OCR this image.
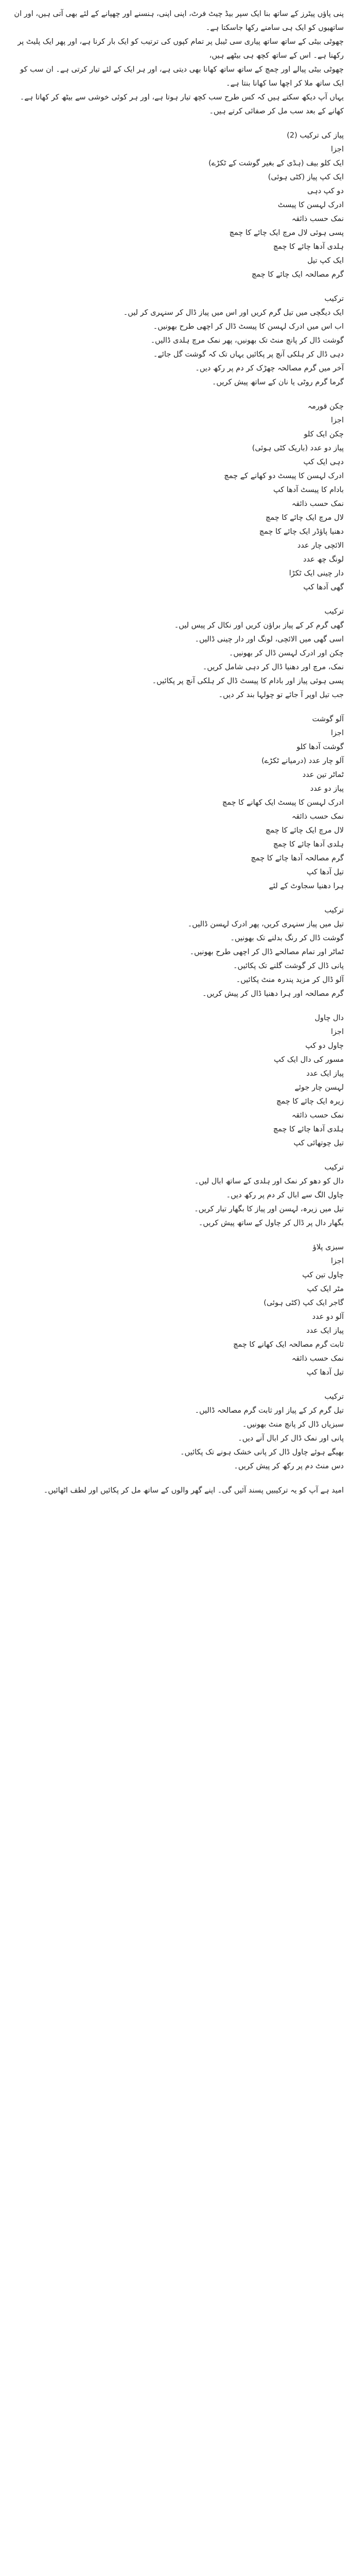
پنی پاؤں پیٹرز کے ساتھ بنا ایک سپر بیڈ چیٹ فرٹ، اپنی اپنی، ہنسنے اور چھپانے کے لئے بھی آتی ہیں، اور ان ساتھیوں کو ایک ہی سامنے رکھا جاسکتا ہے۔

چھوٹی بیٹی کے ساتھ ساتھ پیاری سی ٹیبل پر تمام کپوں کی ترتیب کو ایک بار کرنا ہے، اور پھر ایک پلیٹ پر رکھنا ہے۔ اس کے ساتھ کچھ ہی بیٹھے ہیں،

چھوٹی بیٹی پیالے اور چمچ کے ساتھ ساتھ کھانا بھی دیتی ہے، اور ہر ایک کے لئے تیار کرتی ہے۔ ان سب کو ایک ساتھ ملا کر اچھا سا کھانا بنتا ہے۔

یہاں آپ دیکھ سکتے ہیں کہ کس طرح سب کچھ تیار ہوتا ہے، اور ہر کوئی خوشی سے بیٹھ کر کھاتا ہے۔ کھانے کے بعد سب مل کر صفائی کرتے ہیں۔

پیاز کی ترکیب (2)

اجزا

ایک کلو بیف (ہڈی کے بغیر گوشت کے ٹکڑے)

ایک کپ پیاز (کٹی ہوئی)

دو کپ دہی

ادرک لہسن کا پیسٹ

نمک حسب ذائقہ

پسی ہوئی لال مرچ ایک چائے کا چمچ

ہلدی آدھا چائے کا چمچ

ایک کپ تیل

گرم مصالحہ ایک چائے کا چمچ

ترکیب

ایک دیگچی میں تیل گرم کریں اور اس میں پیاز ڈال کر سنہری کر لیں۔

اب اس میں ادرک لہسن کا پیسٹ ڈال کر اچھی طرح بھونیں۔

گوشت ڈال کر پانچ منٹ تک بھونیں، پھر نمک مرچ ہلدی ڈالیں۔

دہی ڈال کر ہلکی آنچ پر پکائیں یہاں تک کہ گوشت گل جائے۔

آخر میں گرم مصالحہ چھڑک کر دم پر رکھ دیں۔

گرما گرم روٹی یا نان کے ساتھ پیش کریں۔

چکن قورمہ

اجزا

چکن ایک کلو

پیاز دو عدد (باریک کٹی ہوئی)

دہی ایک کپ

ادرک لہسن کا پیسٹ دو کھانے کے چمچ

بادام کا پیسٹ آدھا کپ

نمک حسب ذائقہ

لال مرچ ایک چائے کا چمچ

دھنیا پاؤڈر ایک چائے کا چمچ

الائچی چار عدد

لونگ چھ عدد

دار چینی ایک ٹکڑا

گھی آدھا کپ

ترکیب

گھی گرم کر کے پیاز براؤن کریں اور نکال کر پیس لیں۔

اسی گھی میں الائچی، لونگ اور دار چینی ڈالیں۔

چکن اور ادرک لہسن ڈال کر بھونیں۔

نمک، مرچ اور دھنیا ڈال کر دہی شامل کریں۔

پسی ہوئی پیاز اور بادام کا پیسٹ ڈال کر ہلکی آنچ پر پکائیں۔

جب تیل اوپر آ جائے تو چولہا بند کر دیں۔

آلو گوشت

اجزا

گوشت آدھا کلو

آلو چار عدد (درمیانے ٹکڑے)

ٹماٹر تین عدد

پیاز دو عدد

ادرک لہسن کا پیسٹ ایک کھانے کا چمچ

نمک حسب ذائقہ

لال مرچ ایک چائے کا چمچ

ہلدی آدھا چائے کا چمچ

گرم مصالحہ آدھا چائے کا چمچ

تیل آدھا کپ

ہرا دھنیا سجاوٹ کے لئے

ترکیب

تیل میں پیاز سنہری کریں، پھر ادرک لہسن ڈالیں۔

گوشت ڈال کر رنگ بدلنے تک بھونیں۔

ٹماٹر اور تمام مصالحے ڈال کر اچھی طرح بھونیں۔

پانی ڈال کر گوشت گلنے تک پکائیں۔

آلو ڈال کر مزید پندرہ منٹ پکائیں۔

گرم مصالحہ اور ہرا دھنیا ڈال کر پیش کریں۔

دال چاول

اجزا

چاول دو کپ

مسور کی دال ایک کپ

پیاز ایک عدد

لہسن چار جوئے

زیرہ ایک چائے کا چمچ

نمک حسب ذائقہ

ہلدی آدھا چائے کا چمچ

تیل چوتھائی کپ

ترکیب

دال کو دھو کر نمک اور ہلدی کے ساتھ ابال لیں۔

چاول الگ سے ابال کر دم پر رکھ دیں۔

تیل میں زیرہ، لہسن اور پیاز کا بگھار تیار کریں۔

بگھار دال پر ڈال کر چاول کے ساتھ پیش کریں۔

سبزی پلاؤ

اجزا

چاول تین کپ

مٹر ایک کپ

گاجر ایک کپ (کٹی ہوئی)

آلو دو عدد

پیاز ایک عدد

ثابت گرم مصالحہ ایک کھانے کا چمچ

نمک حسب ذائقہ

تیل آدھا کپ

ترکیب

تیل گرم کر کے پیاز اور ثابت گرم مصالحہ ڈالیں۔

سبزیاں ڈال کر پانچ منٹ بھونیں۔

پانی اور نمک ڈال کر ابال آنے دیں۔

بھیگے ہوئے چاول ڈال کر پانی خشک ہونے تک پکائیں۔

دس منٹ دم پر رکھ کر پیش کریں۔

امید ہے آپ کو یہ ترکیبیں پسند آئیں گی۔ اپنے گھر والوں کے ساتھ مل کر پکائیں اور لطف اٹھائیں۔
